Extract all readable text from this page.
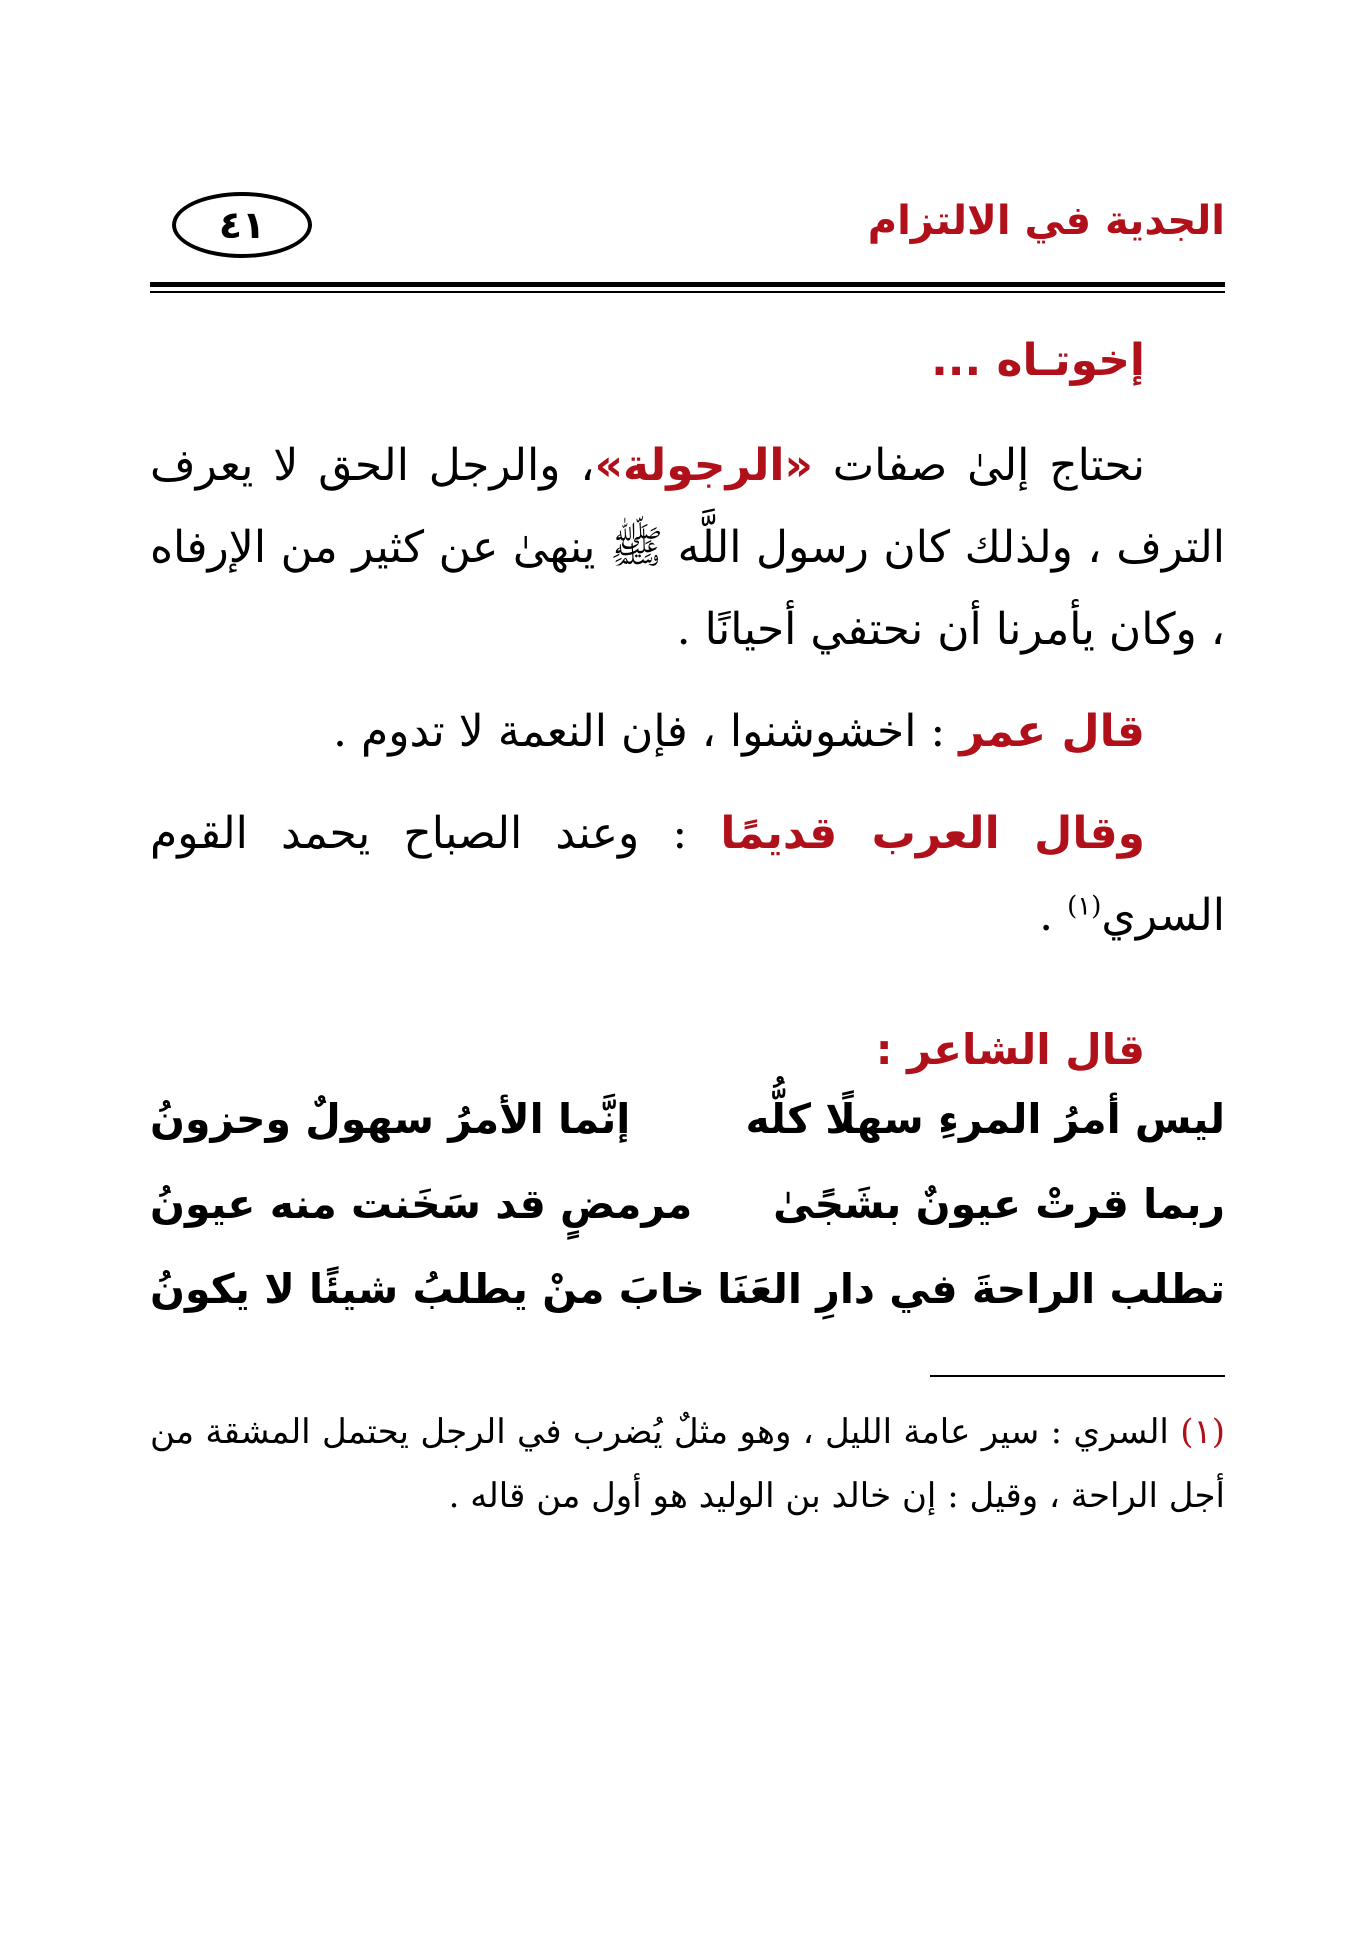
الجدية في الالتزام
٤١
إخوتـاه ...

نحتاج إلىٰ صفات «الرجولة»، والرجل الحق لا يعرف الترف ، ولذلك كان رسول اللَّه ﷺ ينهىٰ عن كثير من الإرفاه ، وكان يأمرنا أن نحتفي أحيانًا .

قال عمر : اخشوشنوا ، فإن النعمة لا تدوم .

وقال العرب قديمًا : وعند الصباح يحمد القوم السري$^{(١)}$ .

قال الشاعر :
ليس أمرُ المرءِ سهلًا كلُّه
إنَّما الأمرُ سهولٌ وحزونُ
ربما قرتْ عيونٌ بشَجًىٰ
مرمضٍ قد سَخَنت منه عيونُ
تطلب الراحةَ في دارِ العَنَا
خابَ منْ يطلبُ شيئًا لا يكونُ
(١) السري : سير عامة الليل ، وهو مثلٌ يُضرب في الرجل يحتمل المشقة من أجل الراحة ، وقيل : إن خالد بن الوليد هو أول من قاله .
